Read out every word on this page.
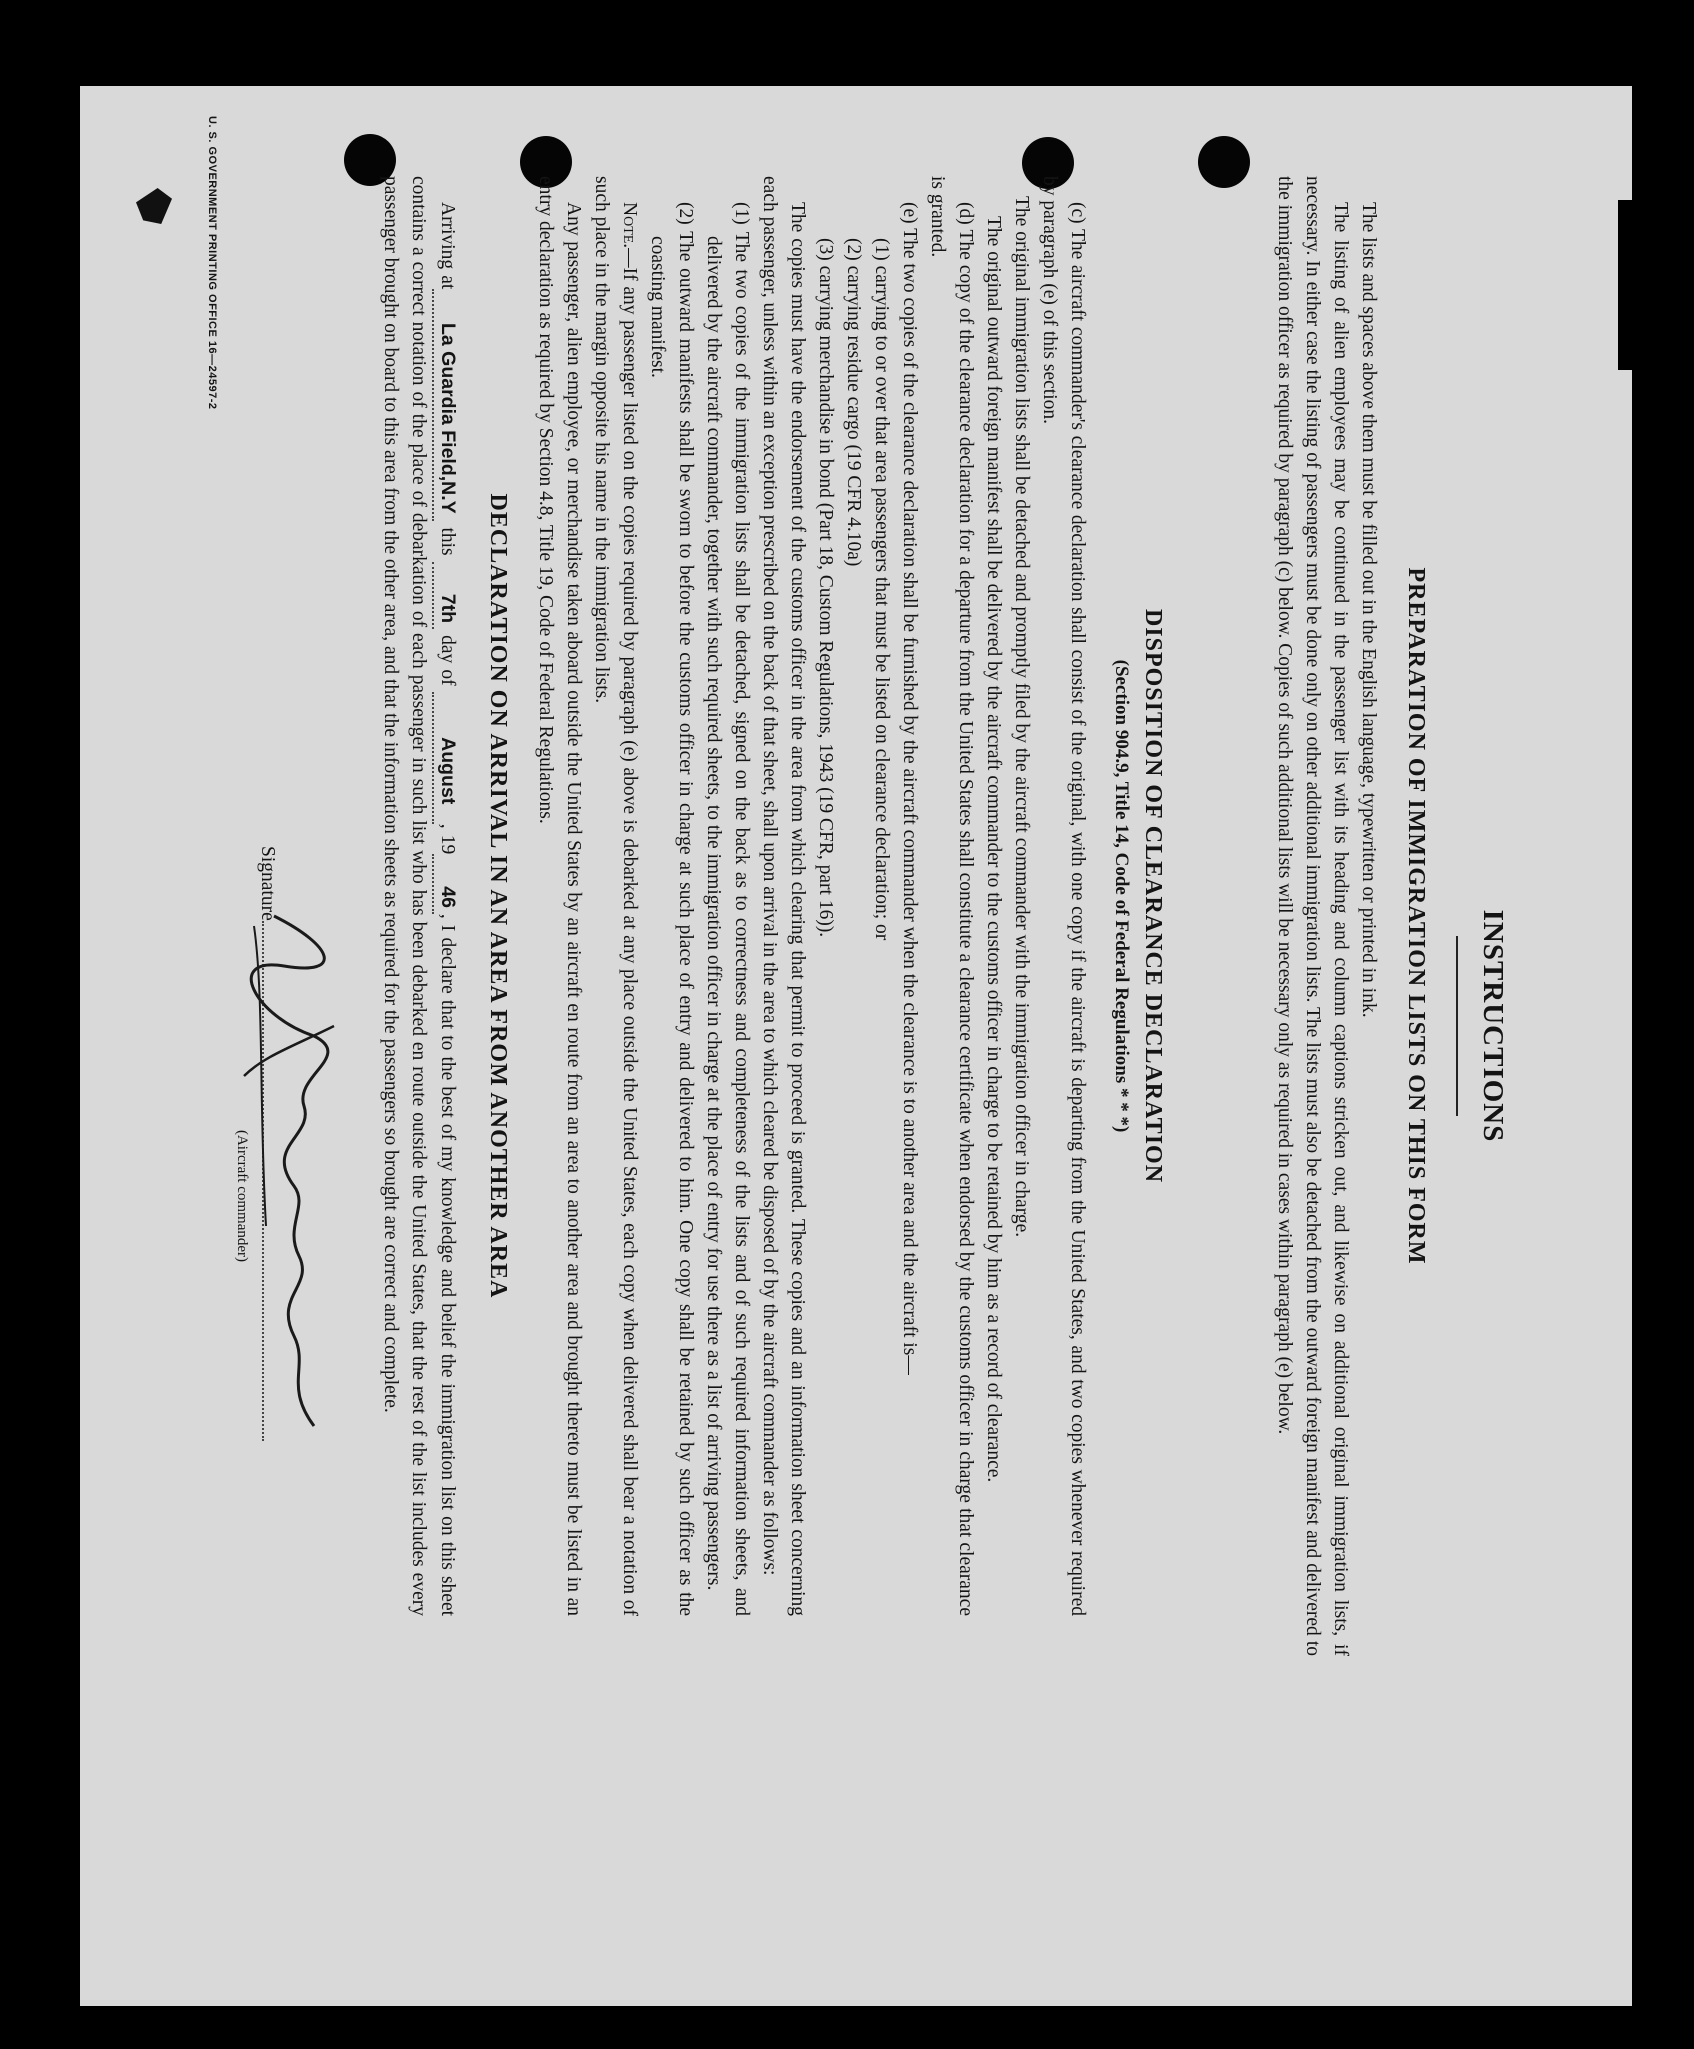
INSTRUCTIONS

PREPARATION OF IMMIGRATION LISTS ON THIS FORM

The lists and spaces above them must be filled out in the English language, typewritten or printed in ink.

The listing of alien employees may be continued in the passenger list with its heading and column captions stricken out, and likewise on additional original immigration lists, if necessary. In either case the listing of passengers must be done only on other additional immigration lists. The lists must also be detached from the outward foreign manifest and delivered to the immigration officer as required by paragraph (c) below. Copies of such additional lists will be necessary only as required in cases within paragraph (e) below.

DISPOSITION OF CLEARANCE DECLARATION

(Section 904.9, Title 14, Code of Federal Regulations * * *)

(c) The aircraft commander's clearance declaration shall consist of the original, with one copy if the aircraft is departing from the United States, and two copies whenever required by paragraph (e) of this section.

The original immigration lists shall be detached and promptly filed by the aircraft commander with the immigration officer in charge.

The original outward foreign manifest shall be delivered by the aircraft commander to the customs officer in charge to be retained by him as a record of clearance.

(d) The copy of the clearance declaration for a departure from the United States shall constitute a clearance certificate when endorsed by the customs officer in charge that clearance is granted.

(e) The two copies of the clearance declaration shall be furnished by the aircraft commander when the clearance is to another area and the aircraft is—

(1) carrying to or over that area passengers that must be listed on clearance declaration; or

(2) carrying residue cargo (19 CFR 4.10a)

(3) carrying merchandise in bond (Part 18, Custom Regulations, 1943 (19 CFR, part 16)).

The copies must have the endorsement of the customs officer in the area from which clearing that permit to proceed is granted. These copies and an information sheet concerning each passenger, unless within an exception prescribed on the back of that sheet, shall upon arrival in the area to which cleared be disposed of by the aircraft commander as follows:

(1) The two copies of the immigration lists shall be detached, signed on the back as to correctness and completeness of the lists and of such required information sheets, and delivered by the aircraft commander, together with such required sheets, to the immigration officer in charge at the place of entry for use there as a list of arriving passengers.

(2) The outward manifests shall be sworn to before the customs officer in charge at such place of entry and delivered to him. One copy shall be retained by such officer as the coasting manifest.

Note.—If any passenger listed on the copies required by paragraph (e) above is debarked at any place outside the United States, each copy when delivered shall bear a notation of such place in the margin opposite his name in the immigration lists.

Any passenger, alien employee, or merchandise taken aboard outside the United States by an aircraft en route from an area to another area and brought thereto must be listed in an entry declaration as required by Section 4.8, Title 19, Code of Federal Regulations.

DECLARATION ON ARRIVAL IN AN AREA FROM ANOTHER AREA

Arriving atLa Guardia Field,N.Y this 7th day of August, 1946, I declare that to the best of my knowledge and belief the immigration list on this sheet contains a correct notation of the place of debarkation of each passenger in such list who has been debarked en route outside the United States, that the rest of the list includes every passenger brought on board to this area from the other area, and that the information sheets as required for the passengers so brought are correct and complete.

Signature
(Aircraft commander)
U. S. GOVERNMENT PRINTING OFFICE 16—24597-2
